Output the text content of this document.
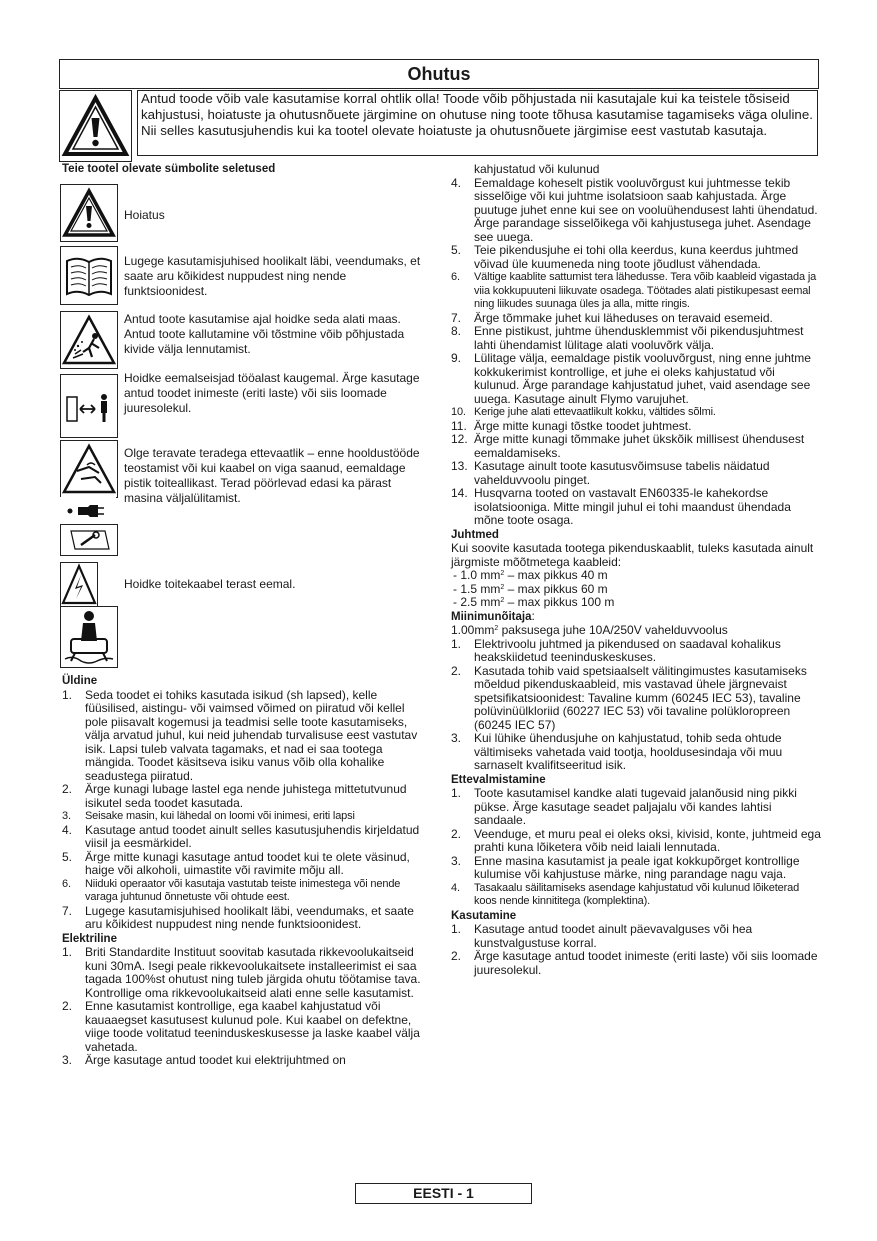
Ohutus
Antud toode võib vale kasutamise korral ohtlik olla! Toode võib põhjustada nii kasutajale kui ka teistele tõsiseid kahjustusi, hoiatuste ja ohutusnõuete järgimine on ohutuse ning toote tõhusa kasutamise tagamiseks väga oluline. Nii selles kasutusjuhendis kui ka tootel olevate hoiatuste ja ohutusnõuete järgimise eest vastutab kasutaja.
Teie tootel olevate sümbolite seletused
Hoiatus
Lugege kasutamisjuhised hoolikalt läbi, veendumaks, et saate aru kõikidest nuppudest ning nende funktsioonidest.
Antud toote kasutamise ajal hoidke seda alati maas. Antud toote kallutamine või tõstmine võib põhjustada kivide välja lennutamist.
Hoidke eemalseisjad tööalast kaugemal. Ärge kasutage antud toodet inimeste (eriti laste) või siis loomade juuresolekul.
Olge teravate teradega ettevaatlik – enne hooldustööde teostamist või kui kaabel on viga saanud, eemaldage pistik toiteallikast. Terad pöörlevad edasi ka pärast masina väljalülitamist.
Hoidke toitekaabel terast eemal.
Üldine
1. Seda toodet ei tohiks kasutada isikud (sh lapsed), kelle füüsilised, aistingu- või vaimsed võimed on piiratud või kellel pole piisavalt kogemusi ja teadmisi selle toote kasutamiseks, välja arvatud juhul, kui neid juhendab turvalisuse eest vastutav isik. Lapsi tuleb valvata tagamaks, et nad ei saa tootega mängida. Toodet käsitseva isiku vanus võib olla kohalike seadustega piiratud.
2. Ärge kunagi lubage lastel ega nende juhistega mittetutvunud isikutel seda toodet kasutada.
3. Seisake masin, kui lähedal on loomi või inimesi, eriti lapsi
4. Kasutage antud toodet ainult selles kasutusjuhendis kirjeldatud viisil ja eesmärkidel.
5. Ärge mitte kunagi kasutage antud toodet kui te olete väsinud, haige või alkoholi, uimastite või ravimite mõju all.
6. Niiduki operaator või kasutaja vastutab teiste inimestega või nende varaga juhtunud õnnetuste või ohtude eest.
7. Lugege kasutamisjuhised hoolikalt läbi, veendumaks, et saate aru kõikidest nuppudest ning nende funktsioonidest.
Elektriline
1. Briti Standardite Instituut soovitab kasutada rikkevoolukaitseid kuni 30mA. Isegi peale rikkevoolukaitsete installeerimist ei saa tagada 100%st ohutust ning tuleb järgida ohutu töötamise tava. Kontrollige oma rikkevoolukaitseid alati enne selle kasutamist.
2. Enne kasutamist kontrollige, ega kaabel kahjustatud või kauaaegset kasutusest kulunud pole. Kui kaabel on defektne, viige toode volitatud teeninduskeskusesse ja laske kaabel välja vahetada.
3. Ärge kasutage antud toodet kui elektrijuhtmed on
kahjustatud või kulunud
4. Eemaldage koheselt pistik vooluvõrgust kui juhtmesse tekib sisselõige või kui juhtme isolatsioon saab kahjustada. Ärge puutuge juhet enne kui see on vooluühendusest lahti ühendatud. Ärge parandage sisselõikega või kahjustusega juhet. Asendage see uuega.
5. Teie pikendusjuhe ei tohi olla keerdus, kuna keerdus juhtmed võivad üle kuumeneda ning toote jõudlust vähendada.
6. Vältige kaablite sattumist tera lähedusse. Tera võib kaableid vigastada ja viia kokkupuuteni liikuvate osadega. Töötades alati pistikupesast eemal ning liikudes suunaga üles ja alla, mitte ringis.
7. Ärge tõmmake juhet kui läheduses on teravaid esemeid.
8. Enne pistikust, juhtme ühendusklemmist või pikendusjuhtmest lahti ühendamist lülitage alati vooluvõrk välja.
9. Lülitage välja, eemaldage pistik vooluvõrgust, ning enne juhtme kokkukerimist kontrollige, et juhe ei oleks kahjustatud või kulunud. Ärge parandage kahjustatud juhet, vaid asendage see uuega. Kasutage ainult Flymo varujuhet.
10. Kerige juhe alati ettevaatlikult kokku, vältides sõlmi.
11. Ärge mitte kunagi tõstke toodet juhtmest.
12. Ärge mitte kunagi tõmmake juhet ükskõik millisest ühendusest eemaldamiseks.
13. Kasutage ainult toote kasutusvõimsuse tabelis näidatud vahelduvvoolu pinget.
14. Husqvarna tooted on vastavalt EN60335-le kahekordse isolatsiooniga. Mitte mingil juhul ei tohi maandust ühendada mõne toote osaga.
Juhtmed

Kui soovite kasutada tootega pikenduskaablit, tuleks kasutada ainult järgmiste mõõtmetega kaableid:

- 1.0 $mm^2$ – max pikkus 40 m
- 1.5 $mm^2$ – max pikkus 60 m
- 2.5 $mm^2$ – max pikkus 100 m
Miinimunõitaja:
$1.00mm^2$ paksusega juhe 10A/250V vahelduvvoolus
1. Elektrivoolu juhtmed ja pikendused on saadaval kohalikus heakskiidetud teeninduskeskuses.
2. Kasutada tohib vaid spetsiaalselt välitingimustes kasutamiseks mõeldud pikenduskaableid, mis vastavad ühele järgnevaist spetsifikatsioonidest: Tavaline kumm (60245 IEC 53), tavaline polüvinüülkloriid (60227 IEC 53) või tavaline polükloropreen (60245 IEC 57)
3. Kui lühike ühendusjuhe on kahjustatud, tohib seda ohtude vältimiseks vahetada vaid tootja, hooldusesindaja või muu sarnaselt kvalifitseeritud isik.
Ettevalmistamine
1. Toote kasutamisel kandke alati tugevaid jalanõusid ning pikki pükse. Ärge kasutage seadet paljajalu või kandes lahtisi sandaale.
2. Veenduge, et muru peal ei oleks oksi, kivisid, konte, juhtmeid ega prahti kuna lõiketera võib neid laiali lennutada.
3. Enne masina kasutamist ja peale igat kokkupõrget kontrollige kulumise või kahjustuse märke, ning parandage nagu vaja.
4. Tasakaalu säilitamiseks asendage kahjustatud või kulunud lõiketerad koos nende kinnititega (komplektina).
Kasutamine
1. Kasutage antud toodet ainult päevavalguses või hea kunstvalgustuse korral.
2. Ärge kasutage antud toodet inimeste (eriti laste) või siis loomade juuresolekul.
EESTI - 1
